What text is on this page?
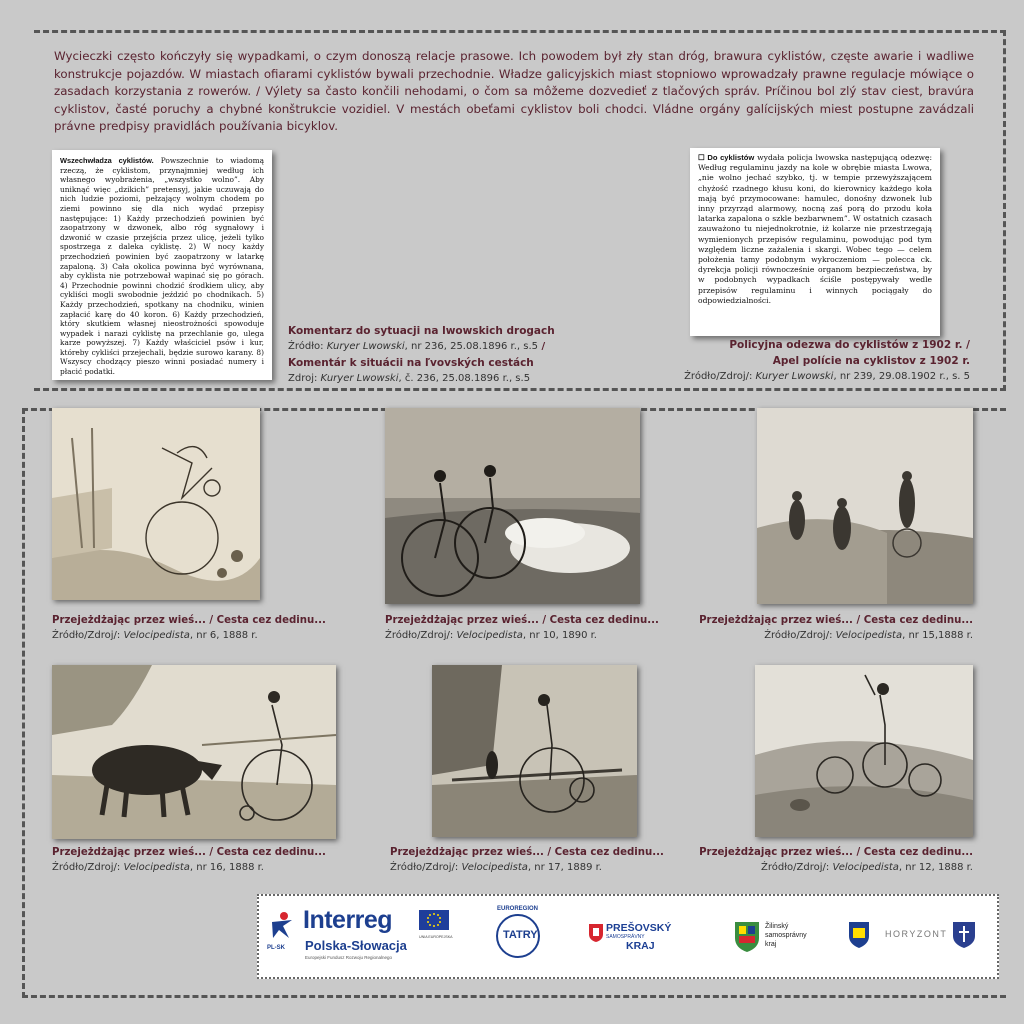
Wycieczki często kończyły się wypadkami, o czym donoszą relacje prasowe. Ich powodem był zły stan dróg, brawura cyklistów, częste awarie i wadliwe konstrukcje pojazdów. W miastach ofiarami cyklistów bywali przechodnie. Władze galicyjskich miast stopniowo wprowadzały prawne regulacje mówiące o zasadach korzystania z rowerów. / Výlety sa často končili nehodami, o čom sa môžeme dozvedieť z tlačových správ. Príčinou bol zlý stav ciest, bravúra cyklistov, časté poruchy a chybné konštrukcie vozidiel. V mestách obeťami cyklistov boli chodci. Vládne orgány galícijských miest postupne zavádzali právne predpisy pravidlách používania bicyklov.

Wszechwładza cyklistów. Powszechnie to wiadomą rzeczą, że cyklistom, przynajmniej według ich własnego wyobrażenia, „wszystko wolno”. Aby uniknąć więc „dzikich” pretensyj, jakie uczuwają do nich ludzie poziomi, pełzający wolnym chodem po ziemi powinno się dla nich wydać przepisy następujące: 1) Każdy przechodzień powinien być zaopatrzony w dzwonek, albo róg sygnałowy i dzwonić w czasie przejścia przez ulicę, jeżeli tylko spostrzega z daleka cyklistę. 2) W nocy każdy przechodzień powinien być zaopatrzony w latarkę zapaloną. 3) Cała okolica powinna być wyrównana, aby cyklista nie potrzebował wapinać się po górach. 4) Przechodnie powinni chodzić środkiem ulicy, aby cykliści mogli swobodnie jeździć po chodnikach. 5) Każdy przechodzień, spotkany na chodniku, winien zapłacić karę do 40 koron. 6) Każdy przechodzień, który skutkiem własnej nieostrożności spowoduje wypadek i narazi cyklistę na przechlanie go, ulega karze powyższej. 7) Każdy właściciel psów i kur, któreby cykliści przejechali, będzie surowo karany. 8) Wszyscy chodzący pieszo winni posiadać numery i płacić podatki.
Komentarz do sytuacji na lwowskich drogach
Źródło: Kuryer Lwowski, nr 236, 25.08.1896 r., s.5 /
Komentár k situácii na ľvovských cestách
Zdroj: Kuryer Lwowski, č. 236, 25.08.1896 r., s.5
☐ Do cyklistów wydała policja lwowska następującą odezwę: Według regulaminu jazdy na kole w obrębie miasta Lwowa, „nie wolno jechać szybko, tj. w tempie przewyższającem chyżość rzadnego kłusu koni, do kierownicy każdego koła mają być przymocowane: hamulec, donośny dzwonek lub inny przyrząd alarmowy, nocną zaś porą do przodu koła latarka zapalona o szkle bezbarwnem”. W ostatnich czasach zauważono tu niejednokrotnie, iż kolarze nie przestrzegają wymienionych przepisów regulaminu, powodując pod tym względem liczne zażalenia i skargi. Wobec tego — celem położenia tamy podobnym wykroczeniom — polecca ck. dyrekcja policji równocześnie organom bezpieczeństwa, by w podobnych wypadkach ściśle postępywały wedle przepisów regulaminu i winnych pociągały do odpowiedzialności.
Policyjna odezwa do cyklistów z 1902 r. /
Apel polície na cyklistov z 1902 r.
Źródło/Zdroj/: Kuryer Lwowski, nr 239, 29.08.1902 r., s. 5
Przejeżdżając przez wieś... / Cesta cez dedinu...
Źródło/Zdroj/: Velocipedista, nr 6, 1888 r.
Przejeżdżając przez wieś... / Cesta cez dedinu...
Źródło/Zdroj/: Velocipedista, nr 10, 1890 r.
Przejeżdżając przez wieś... / Cesta cez dedinu...
Źródło/Zdroj/: Velocipedista, nr 15,1888 r.
Przejeżdżając przez wieś... / Cesta cez dedinu...
Źródło/Zdroj/: Velocipedista, nr 16, 1888 r.
Przejeżdżając przez wieś... / Cesta cez dedinu...
Źródło/Zdroj/: Velocipedista, nr 17, 1889 r.
Przejeżdżając przez wieś... / Cesta cez dedinu...
Źródło/Zdroj/: Velocipedista, nr 12, 1888 r.
PL-SK
Interreg
Polska-Słowacja
Europejski Fundusz Rozwoju Regionalnego
UNIA EUROPEJSKA
EUROREGION
TATRY
PREŠOVSKÝ
SAMOSPRÁVNY
KRAJ
Žilinský
samosprávny
kraj
HORYZONT
